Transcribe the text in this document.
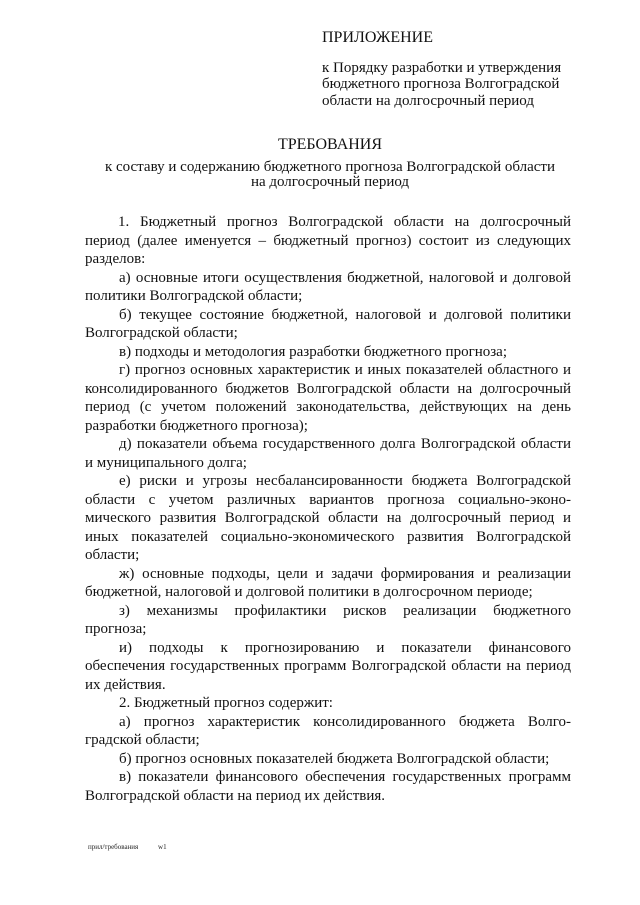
ПРИЛОЖЕНИЕ
к Порядку разработки и утверждения
бюджетного прогноза Волгоградской
области на долгосрочный период
ТРЕБОВАНИЯ
к составу и содержанию бюджетного прогноза Волгоградской области
на долгосрочный период

1. Бюджетный прогноз Волгоградской области на долгосрочный период (далее именуется – бюджетный прогноз) состоит из следующих разделов:

а) основные итоги осуществления бюджетной, налоговой и долговой политики Волгоградской области;

б) текущее состояние бюджетной, налоговой и долговой политики Волгоградской области;

в) подходы и методология разработки бюджетного прогноза;

г) прогноз основных характеристик и иных показателей областного и консолидированного бюджетов Волгоградской области на долгосрочный период (с учетом положений законодательства, действующих на день разработки бюджетного прогноза);

д) показатели объема государственного долга Волгоградской области и муниципального долга;

е) риски и угрозы несбалансированности бюджета Волгоградской области с учетом различных вариантов прогноза социально-эконо-мического развития Волгоградской области на долгосрочный период и иных показателей социально-экономического развития Волгоградской области;

ж) основные подходы, цели и задачи формирования и реализации бюджетной, налоговой и долговой политики в долгосрочном периоде;

з) механизмы профилактики рисков реализации бюджетного прогноза;

и) подходы к прогнозированию и показатели финансового обеспечения государственных программ Волгоградской области на период их действия.

2. Бюджетный прогноз содержит:

а) прогноз характеристик консолидированного бюджета Волго-градской области;

б) прогноз основных показателей бюджета Волгоградской области;

в) показатели финансового обеспечения государственных программ Волгоградской области на период их действия.

прил/требования	w1
